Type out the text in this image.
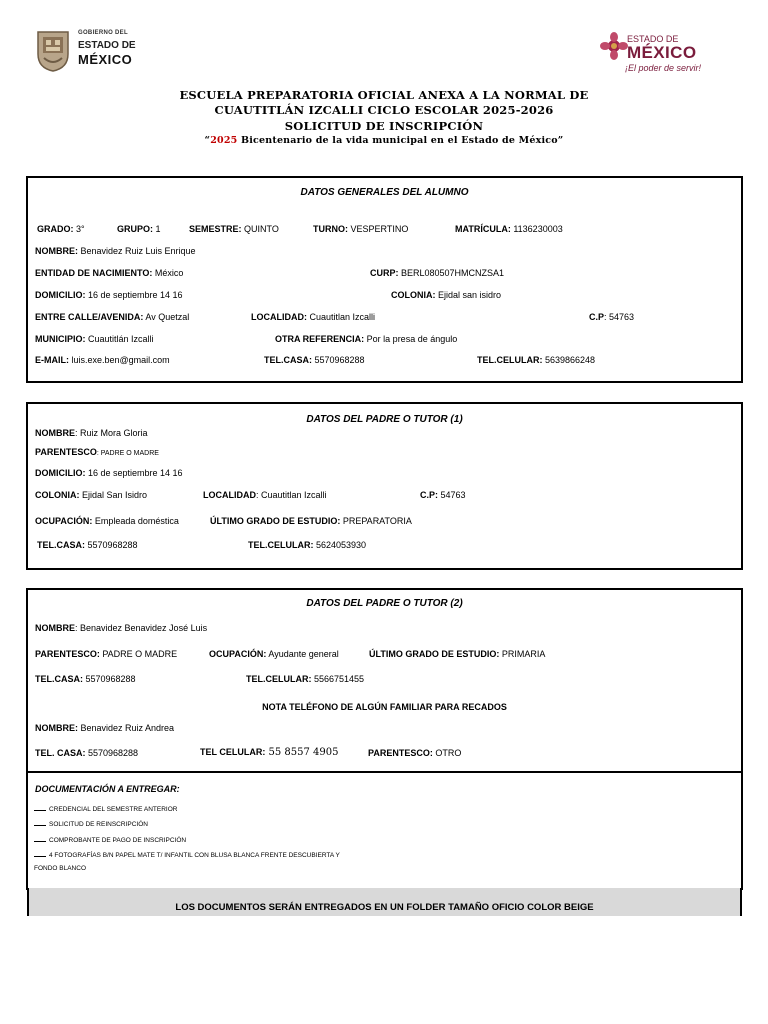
GOBIERNO DEL
ESTADO DE
MÉXICO
ESTADO DE
MÉXICO
¡El poder de servir!
ESCUELA PREPARATORIA OFICIAL ANEXA A LA NORMAL DE
CUAUTITLÁN IZCALLI CICLO ESCOLAR 2025-2026
SOLICITUD DE INSCRIPCIÓN
“2025 Bicentenario de la vida municipal en el Estado de México”
DATOS GENERALES DEL ALUMNO
GRADO: 3°	GRUPO: 1	SEMESTRE: QUINTO	TURNO: VESPERTINO	MATRÍCULA: 1136230003
NOMBRE: Benavidez Ruiz Luis Enrique
ENTIDAD DE NACIMIENTO: México	CURP: BERL080507HMCNZSA1
DOMICILIO: 16 de septiembre 14 16	COLONIA: Ejidal san isidro
ENTRE CALLE/AVENIDA: Av Quetzal	LOCALIDAD: Cuautitlan Izcalli	C.P: 54763
MUNICIPIO: Cuautitlán Izcalli	OTRA REFERENCIA: Por la presa de ángulo
E-MAIL: luis.exe.ben@gmail.com	TEL.CASA: 5570968288	TEL.CELULAR: 5639866248
DATOS DEL PADRE O TUTOR (1)
NOMBRE: Ruiz Mora Gloria
PARENTESCO: PADRE O MADRE
DOMICILIO: 16 de septiembre 14 16
COLONIA: Ejidal San Isidro	LOCALIDAD: Cuautitlan Izcalli	C.P: 54763
OCUPACIÓN: Empleada doméstica	ÚLTIMO GRADO DE ESTUDIO: PREPARATORIA
TEL.CASA: 5570968288	TEL.CELULAR: 5624053930
DATOS DEL PADRE O TUTOR (2)
NOMBRE: Benavidez Benavidez José Luis
PARENTESCO: PADRE O MADRE	OCUPACIÓN: Ayudante general	ÚLTIMO GRADO DE ESTUDIO: PRIMARIA
TEL.CASA: 5570968288	TEL.CELULAR: 5566751455
NOTA TELÉFONO DE ALGÚN FAMILIAR PARA RECADOS
NOMBRE: Benavidez Ruiz Andrea
TEL. CASA: 5570968288	TEL CELULAR: 55 8557 4905	PARENTESCO: OTRO
DOCUMENTACIÓN A ENTREGAR:
CREDENCIAL DEL SEMESTRE ANTERIOR
SOLICITUD DE REINSCRIPCIÓN
COMPROBANTE DE PAGO DE INSCRIPCIÓN
4 FOTOGRAFÍAS B/N PAPEL MATE T/ INFANTIL CON BLUSA BLANCA FRENTE DESCUBIERTA Y
FONDO BLANCO
LOS DOCUMENTOS SERÁN ENTREGADOS EN UN FOLDER TAMAÑO OFICIO COLOR BEIGE
